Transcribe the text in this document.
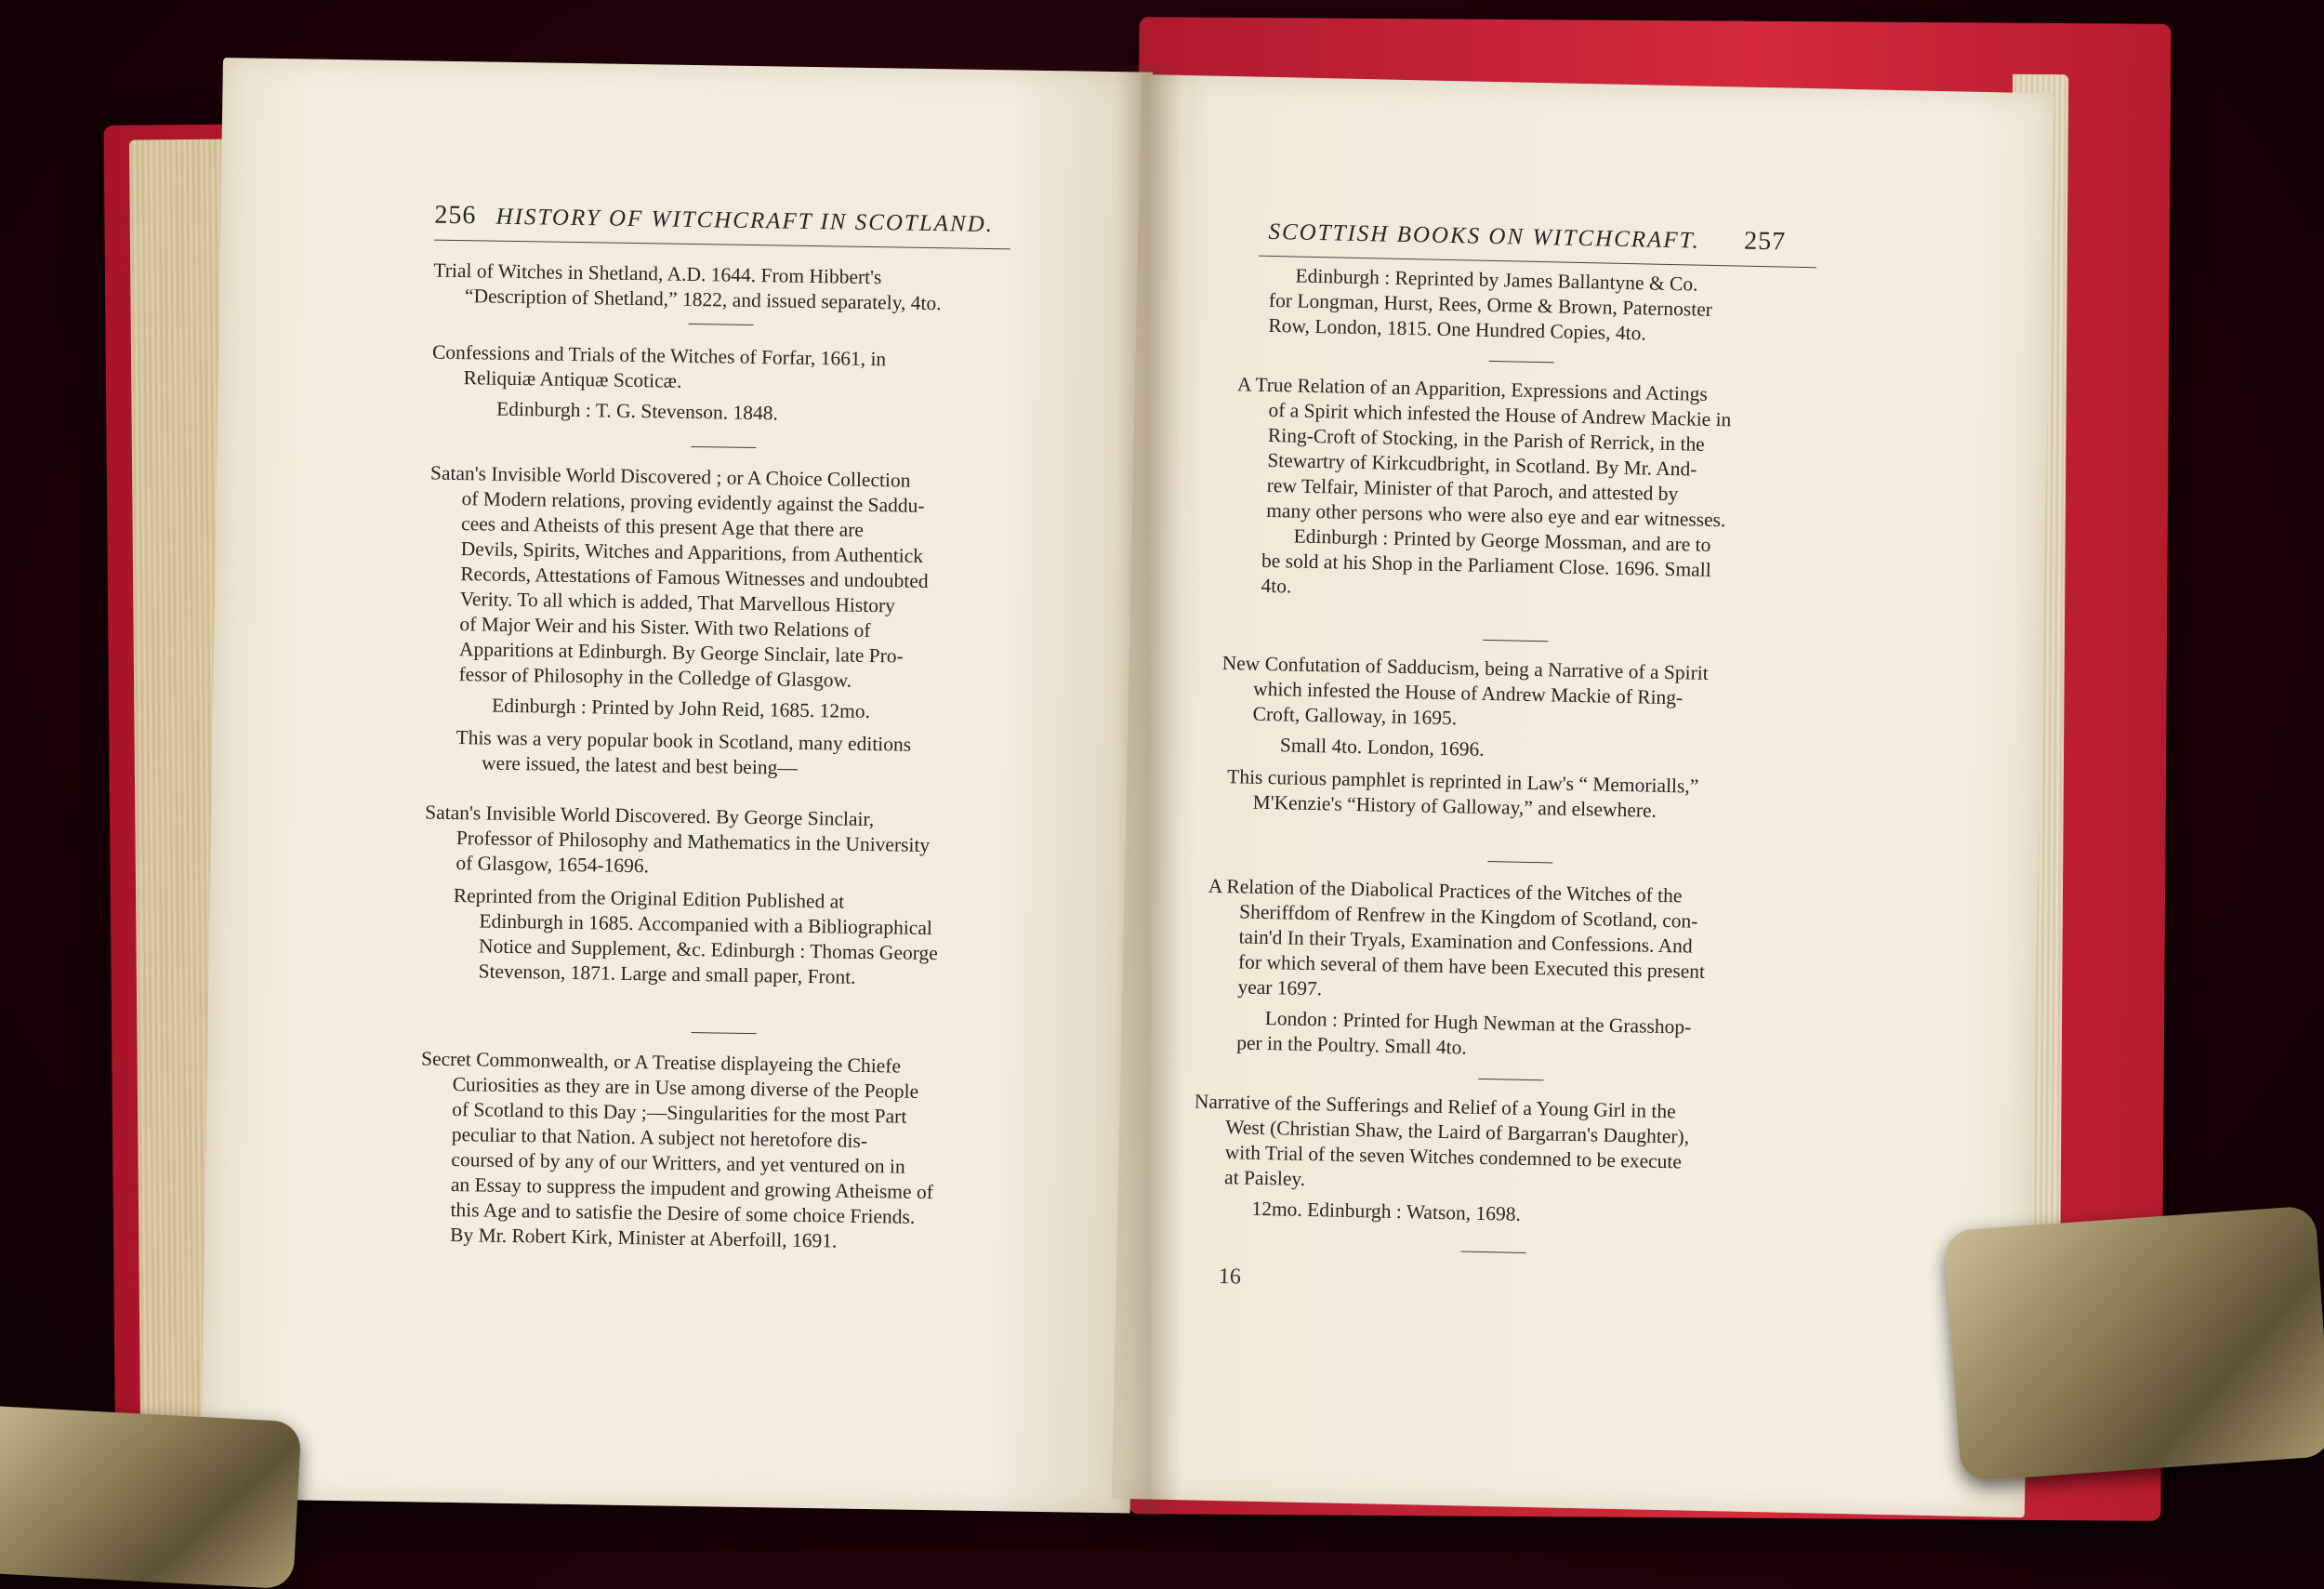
256 HISTORY OF WITCHCRAFT IN SCOTLAND.

Trial of Witches in Shetland, A.D. 1644. From Hibbert's
“Description of Shetland,” 1822, and issued separately, 4to.

Confessions and Trials of the Witches of Forfar, 1661, in
Reliquiæ Antiquæ Scoticæ.

Edinburgh : T. G. Stevenson. 1848.

Satan's Invisible World Discovered ; or A Choice Collection
of Modern relations, proving evidently against the Saddu-
cees and Atheists of this present Age that there are
Devils, Spirits, Witches and Apparitions, from Authentick
Records, Attestations of Famous Witnesses and undoubted
Verity. To all which is added, That Marvellous History
of Major Weir and his Sister. With two Relations of
Apparitions at Edinburgh. By George Sinclair, late Pro-
fessor of Philosophy in the Colledge of Glasgow.

Edinburgh : Printed by John Reid, 1685. 12mo.

This was a very popular book in Scotland, many editions
were issued, the latest and best being—

Satan's Invisible World Discovered. By George Sinclair,
Professor of Philosophy and Mathematics in the University
of Glasgow, 1654-1696.

Reprinted from the Original Edition Published at
Edinburgh in 1685. Accompanied with a Bibliographical
Notice and Supplement, &c. Edinburgh : Thomas George
Stevenson, 1871. Large and small paper, Front.

Secret Commonwealth, or A Treatise displayeing the Chiefe
Curiosities as they are in Use among diverse of the People
of Scotland to this Day ;—Singularities for the most Part
peculiar to that Nation. A subject not heretofore dis-
coursed of by any of our Writters, and yet ventured on in
an Essay to suppress the impudent and growing Atheisme of
this Age and to satisfie the Desire of some choice Friends.
By Mr. Robert Kirk, Minister at Aberfoill, 1691.

SCOTTISH BOOKS ON WITCHCRAFT. 257

Edinburgh : Reprinted by James Ballantyne & Co.

for Longman, Hurst, Rees, Orme & Brown, Paternoster
Row, London, 1815. One Hundred Copies, 4to.

A True Relation of an Apparition, Expressions and Actings
of a Spirit which infested the House of Andrew Mackie in
Ring-Croft of Stocking, in the Parish of Rerrick, in the
Stewartry of Kirkcudbright, in Scotland. By Mr. And-
rew Telfair, Minister of that Paroch, and attested by
many other persons who were also eye and ear witnesses.

Edinburgh : Printed by George Mossman, and are to

be sold at his Shop in the Parliament Close. 1696. Small
4to.

New Confutation of Sadducism, being a Narrative of a Spirit
which infested the House of Andrew Mackie of Ring-
Croft, Galloway, in 1695.

Small 4to. London, 1696.

This curious pamphlet is reprinted in Law's “ Memorialls,”
M'Kenzie's “History of Galloway,” and elsewhere.

A Relation of the Diabolical Practices of the Witches of the
Sheriffdom of Renfrew in the Kingdom of Scotland, con-
tain'd In their Tryals, Examination and Confessions. And
for which several of them have been Executed this present
year 1697.

London : Printed for Hugh Newman at the Grasshop-

per in the Poultry. Small 4to.

Narrative of the Sufferings and Relief of a Young Girl in the
West (Christian Shaw, the Laird of Bargarran's Daughter),
with Trial of the seven Witches condemned to be execute
at Paisley.

12mo. Edinburgh : Watson, 1698.

16
